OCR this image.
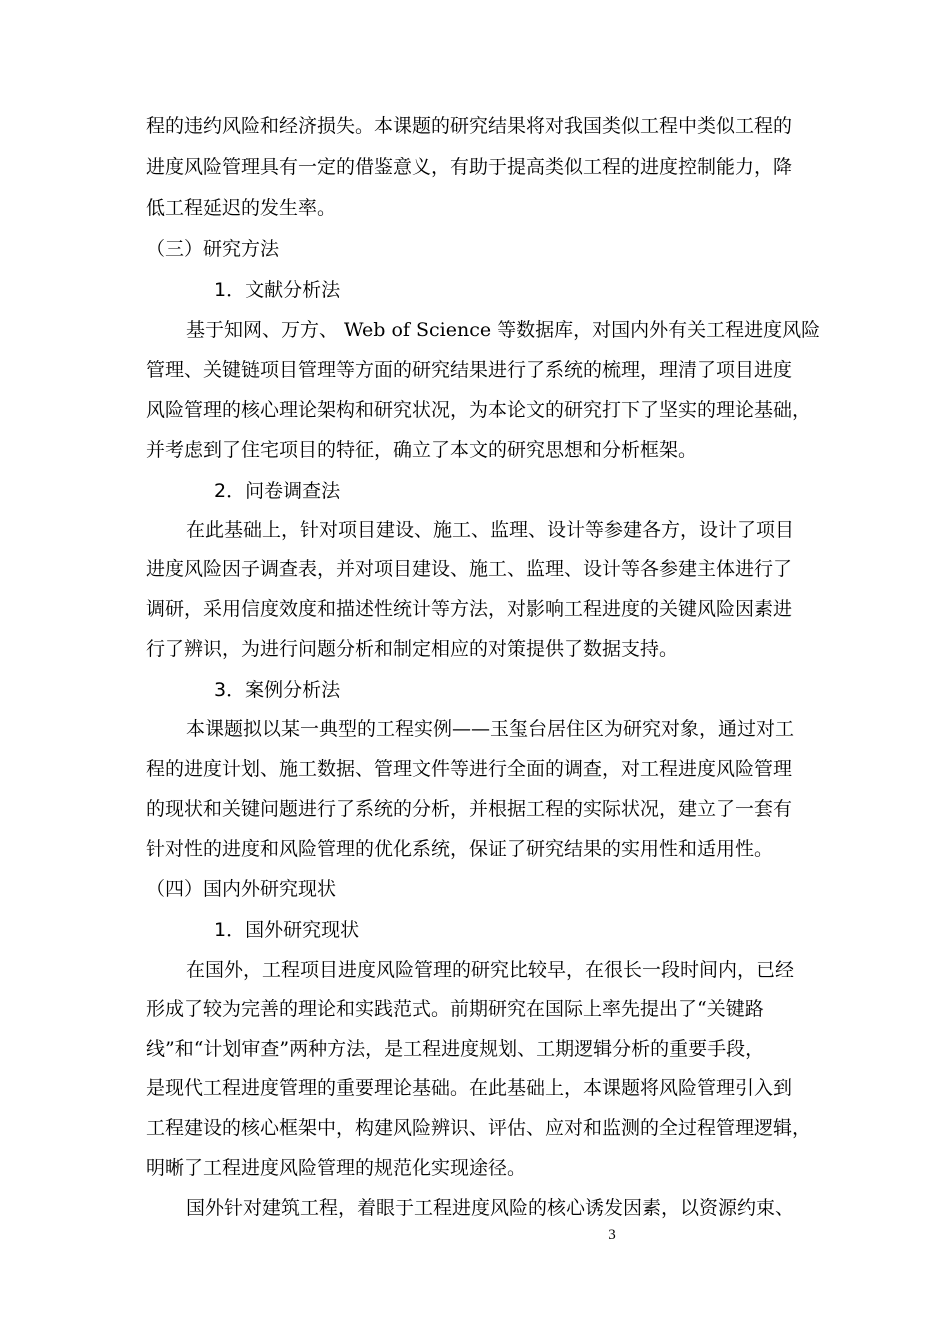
程的违约风险和经济损失。本课题的研究结果将对我国类似工程中类似工程的
进度风险管理具有一定的借鉴意义，有助于提高类似工程的进度控制能力，降
低工程延迟的发生率。
（三）研究方法
1．文献分析法
基于知网、万方、 Web of Science 等数据库，对国内外有关工程进度风险
管理、关键链项目管理等方面的研究结果进行了系统的梳理，理清了项目进度
风险管理的核心理论架构和研究状况，为本论文的研究打下了坚实的理论基础，
并考虑到了住宅项目的特征，确立了本文的研究思想和分析框架。
2．问卷调查法
在此基础上，针对项目建设、施工、监理、设计等参建各方，设计了项目
进度风险因子调查表，并对项目建设、施工、监理、设计等各参建主体进行了
调研，采用信度效度和描述性统计等方法，对影响工程进度的关键风险因素进
行了辨识，为进行问题分析和制定相应的对策提供了数据支持。
3．案例分析法
本课题拟以某一典型的工程实例——玉玺台居住区为研究对象，通过对工
程的进度计划、施工数据、管理文件等进行全面的调查，对工程进度风险管理
的现状和关键问题进行了系统的分析，并根据工程的实际状况，建立了一套有
针对性的进度和风险管理的优化系统，保证了研究结果的实用性和适用性。
（四）国内外研究现状
1．国外研究现状
在国外，工程项目进度风险管理的研究比较早，在很长一段时间内，已经
形成了较为完善的理论和实践范式。前期研究在国际上率先提出了“关键路
线”和“计划审查”两种方法，是工程进度规划、工期逻辑分析的重要手段，
是现代工程进度管理的重要理论基础。在此基础上，本课题将风险管理引入到
工程建设的核心框架中，构建风险辨识、评估、应对和监测的全过程管理逻辑，
明晰了工程进度风险管理的规范化实现途径。
国外针对建筑工程，着眼于工程进度风险的核心诱发因素，以资源约束、
3
